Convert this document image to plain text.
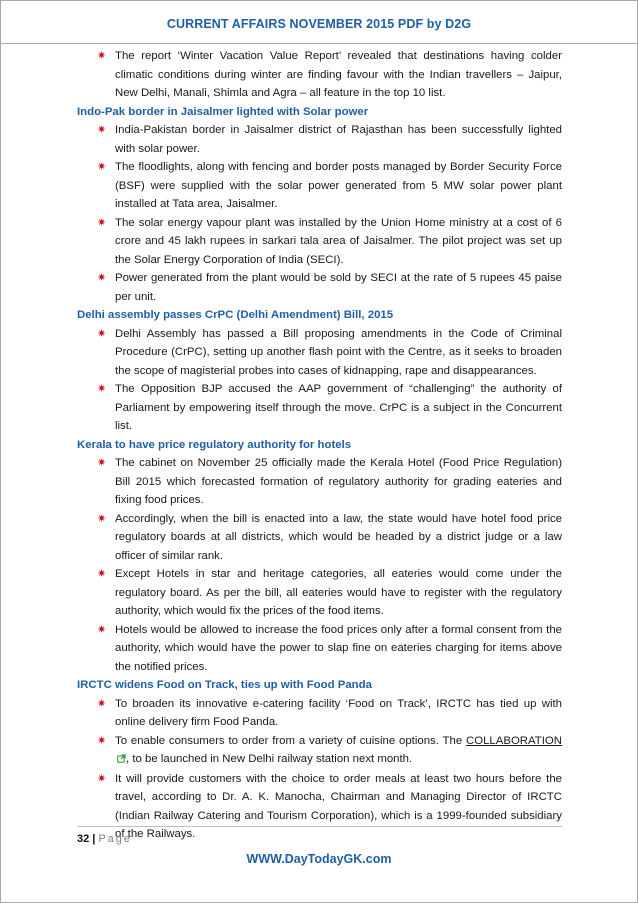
CURRENT AFFAIRS NOVEMBER 2015 PDF by D2G
✷ The report ‘Winter Vacation Value Report’ revealed that destinations having colder climatic conditions during winter are finding favour with the Indian travellers – Jaipur, New Delhi, Manali, Shimla and Agra – all feature in the top 10 list.
Indo-Pak border in Jaisalmer lighted with Solar power
✷ India-Pakistan border in Jaisalmer district of Rajasthan has been successfully lighted with solar power.
✷ The floodlights, along with fencing and border posts managed by Border Security Force (BSF) were supplied with the solar power generated from 5 MW solar power plant installed at Tata area, Jaisalmer.
✷ The solar energy vapour plant was installed by the Union Home ministry at a cost of 6 crore and 45 lakh rupees in sarkari tala area of Jaisalmer. The pilot project was set up the Solar Energy Corporation of India (SECI).
✷ Power generated from the plant would be sold by SECI at the rate of 5 rupees 45 paise per unit.
Delhi assembly passes CrPC (Delhi Amendment) Bill, 2015
✷ Delhi Assembly has passed a Bill proposing amendments in the Code of Criminal Procedure (CrPC), setting up another flash point with the Centre, as it seeks to broaden the scope of magisterial probes into cases of kidnapping, rape and disappearances.
✷ The Opposition BJP accused the AAP government of “challenging” the authority of Parliament by empowering itself through the move. CrPC is a subject in the Concurrent list.
Kerala to have price regulatory authority for hotels
✷ The cabinet on November 25 officially made the Kerala Hotel (Food Price Regulation) Bill 2015 which forecasted formation of regulatory authority for grading eateries and fixing food prices.
✷ Accordingly, when the bill is enacted into a law, the state would have hotel food price regulatory boards at all districts, which would be headed by a district judge or a law officer of similar rank.
✷ Except Hotels in star and heritage categories, all eateries would come under the regulatory board. As per the bill, all eateries would have to register with the regulatory authority, which would fix the prices of the food items.
✷ Hotels would be allowed to increase the food prices only after a formal consent from the authority, which would have the power to slap fine on eateries charging for items above the notified prices.
IRCTC widens Food on Track, ties up with Food Panda
✷ To broaden its innovative e-catering facility ‘Food on Track’, IRCTC has tied up with online delivery firm Food Panda.
✷ To enable consumers to order from a variety of cuisine options. The COLLABORATION, to be launched in New Delhi railway station next month.
✷ It will provide customers with the choice to order meals at least two hours before the travel, according to Dr. A. K. Manocha, Chairman and Managing Director of IRCTC (Indian Railway Catering and Tourism Corporation), which is a 1999-founded subsidiary of the Railways.
32 | Page
WWW.DayTodayGK.com
